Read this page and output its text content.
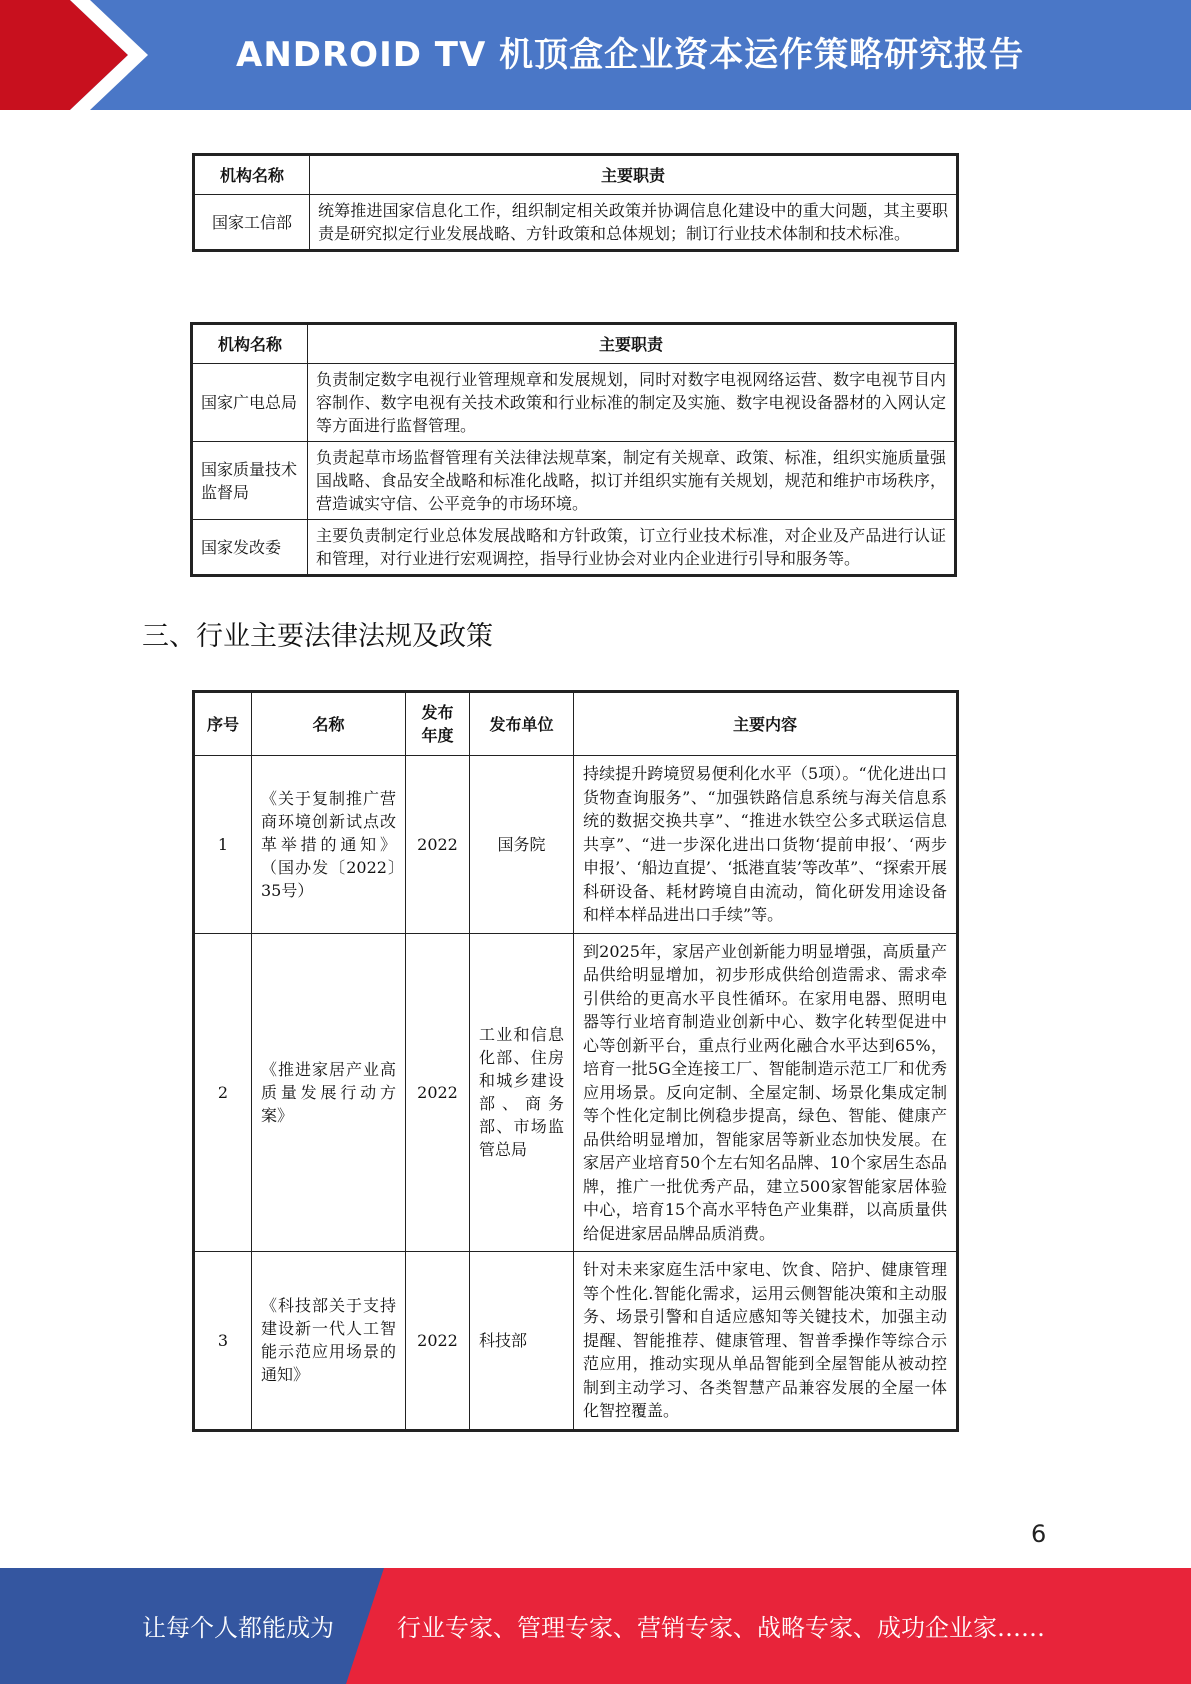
ANDROID TV 机顶盒企业资本运作策略研究报告
机构名称	主要职责
国家工信部	统筹推进国家信息化工作，组织制定相关政策并协调信息化建设中的重大问题，其主要职责是研究拟定行业发展战略、方针政策和总体规划；制订行业技术体制和技术标准。
机构名称	主要职责
国家广电总局	负责制定数字电视行业管理规章和发展规划，同时对数字电视网络运营、数字电视节目内容制作、数字电视有关技术政策和行业标准的制定及实施、数字电视设备器材的入网认定等方面进行监督管理。
国家质量技术监督局	负责起草市场监督管理有关法律法规草案，制定有关规章、政策、标准，组织实施质量强国战略、食品安全战略和标准化战略，拟订并组织实施有关规划，规范和维护市场秩序，营造诚实守信、公平竞争的市场环境。
国家发改委	主要负责制定行业总体发展战略和方针政策，订立行业技术标准，对企业及产品进行认证和管理，对行业进行宏观调控，指导行业协会对业内企业进行引导和服务等。
三、行业主要法律法规及政策
序号	名称	发布年度	发布单位	主要内容
1	《关于复制推广营商环境创新试点改革举措的通知》（国办发〔2022〕35号）	2022	国务院	持续提升跨境贸易便利化水平（5项）。“优化进出口货物查询服务”、“加强铁路信息系统与海关信息系统的数据交换共享”、“推进水铁空公多式联运信息共享”、“进一步深化进出口货物‘提前申报’、‘两步申报’、‘船边直提’、‘抵港直装’等改革”、“探索开展科研设备、耗材跨境自由流动，简化研发用途设备和样本样品进出口手续”等。
2	《推进家居产业高质量发展行动方案》	2022	工业和信息化部、住房和城乡建设部、商务部、市场监管总局	到2025年，家居产业创新能力明显增强，高质量产品供给明显增加，初步形成供给创造需求、需求牵引供给的更高水平良性循环。在家用电器、照明电器等行业培育制造业创新中心、数字化转型促进中心等创新平台，重点行业两化融合水平达到65%，培育一批5G全连接工厂、智能制造示范工厂和优秀应用场景。反向定制、全屋定制、场景化集成定制等个性化定制比例稳步提高，绿色、智能、健康产品供给明显增加，智能家居等新业态加快发展。在家居产业培育50个左右知名品牌、10个家居生态品牌，推广一批优秀产品，建立500家智能家居体验中心，培育15个高水平特色产业集群，以高质量供给促进家居品牌品质消费。
3	《科技部关于支持建设新一代人工智能示范应用场景的通知》	2022	科技部	针对未来家庭生活中家电、饮食、陪护、健康管理等个性化.智能化需求，运用云侧智能决策和主动服务、场景引警和自适应感知等关键技术，加强主动提醒、智能推荐、健康管理、智普季操作等综合示范应用，推动实现从单品智能到全屋智能从被动控制到主动学习、各类智慧产品兼容发展的全屋一体化智控覆盖。
6
让每个人都能成为	行业专家、管理专家、营销专家、战略专家、成功企业家……
